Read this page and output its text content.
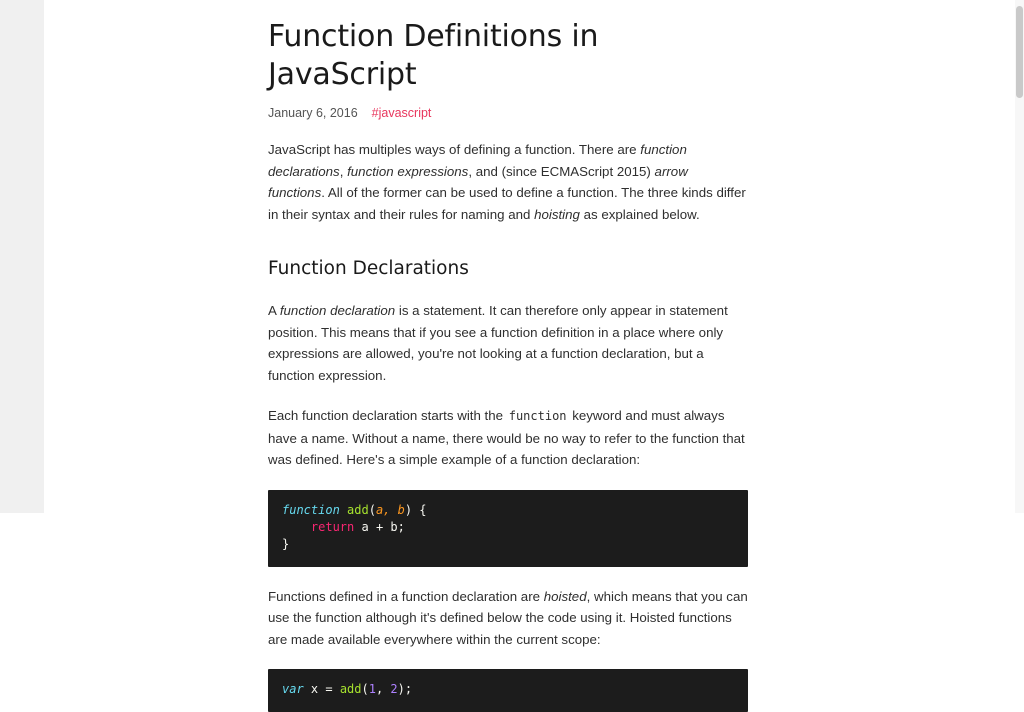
Function Definitions in JavaScript
January 6, 2016 #javascript

JavaScript has multiples ways of defining a function. There are function declarations, function expressions, and (since ECMAScript 2015) arrow functions. All of the former can be used to define a function. The three kinds differ in their syntax and their rules for naming and hoisting as explained below.

Function Declarations

A function declaration is a statement. It can therefore only appear in statement position. This means that if you see a function definition in a place where only expressions are allowed, you're not looking at a function declaration, but a function expression.

Each function declaration starts with the function keyword and must always have a name. Without a name, there would be no way to refer to the function that was defined. Here's a simple example of a function declaration:

function add(a, b) {
return a + b;
}

Functions defined in a function declaration are hoisted, which means that you can use the function although it's defined below the code using it. Hoisted functions are made available everywhere within the current scope:

var x = add(1, 2);
